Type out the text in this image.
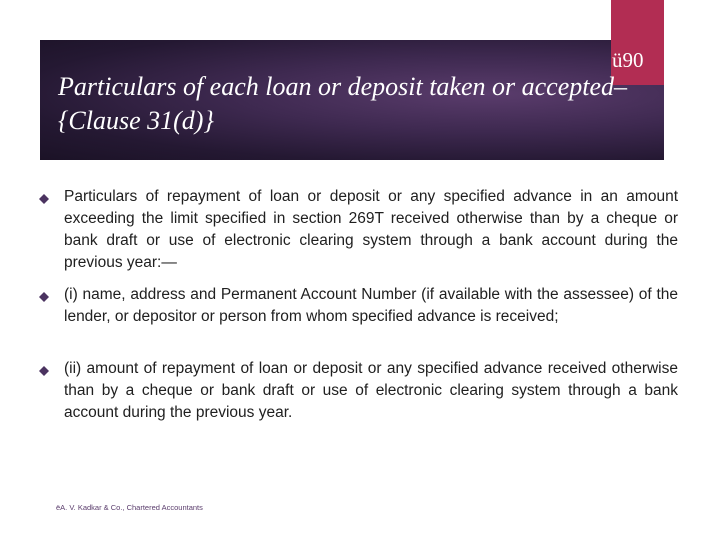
ü90
Particulars of each loan or deposit taken or accepted– {Clause 31(d)}

Particulars of repayment of loan or deposit or any specified advance in an amount exceeding the limit specified in section 269T received otherwise than by a cheque or bank draft or use of electronic clearing system through a bank account during the previous year:—

(i) name, address and Permanent Account Number (if available with the assessee) of the lender, or depositor or person from whom specified advance is received;

(ii) amount of repayment of loan or deposit or any specified advance received otherwise than by a cheque or bank draft or use of electronic clearing system through a bank account during the previous year.

ëA. V. Kadkar & Co., Chartered Accountants
